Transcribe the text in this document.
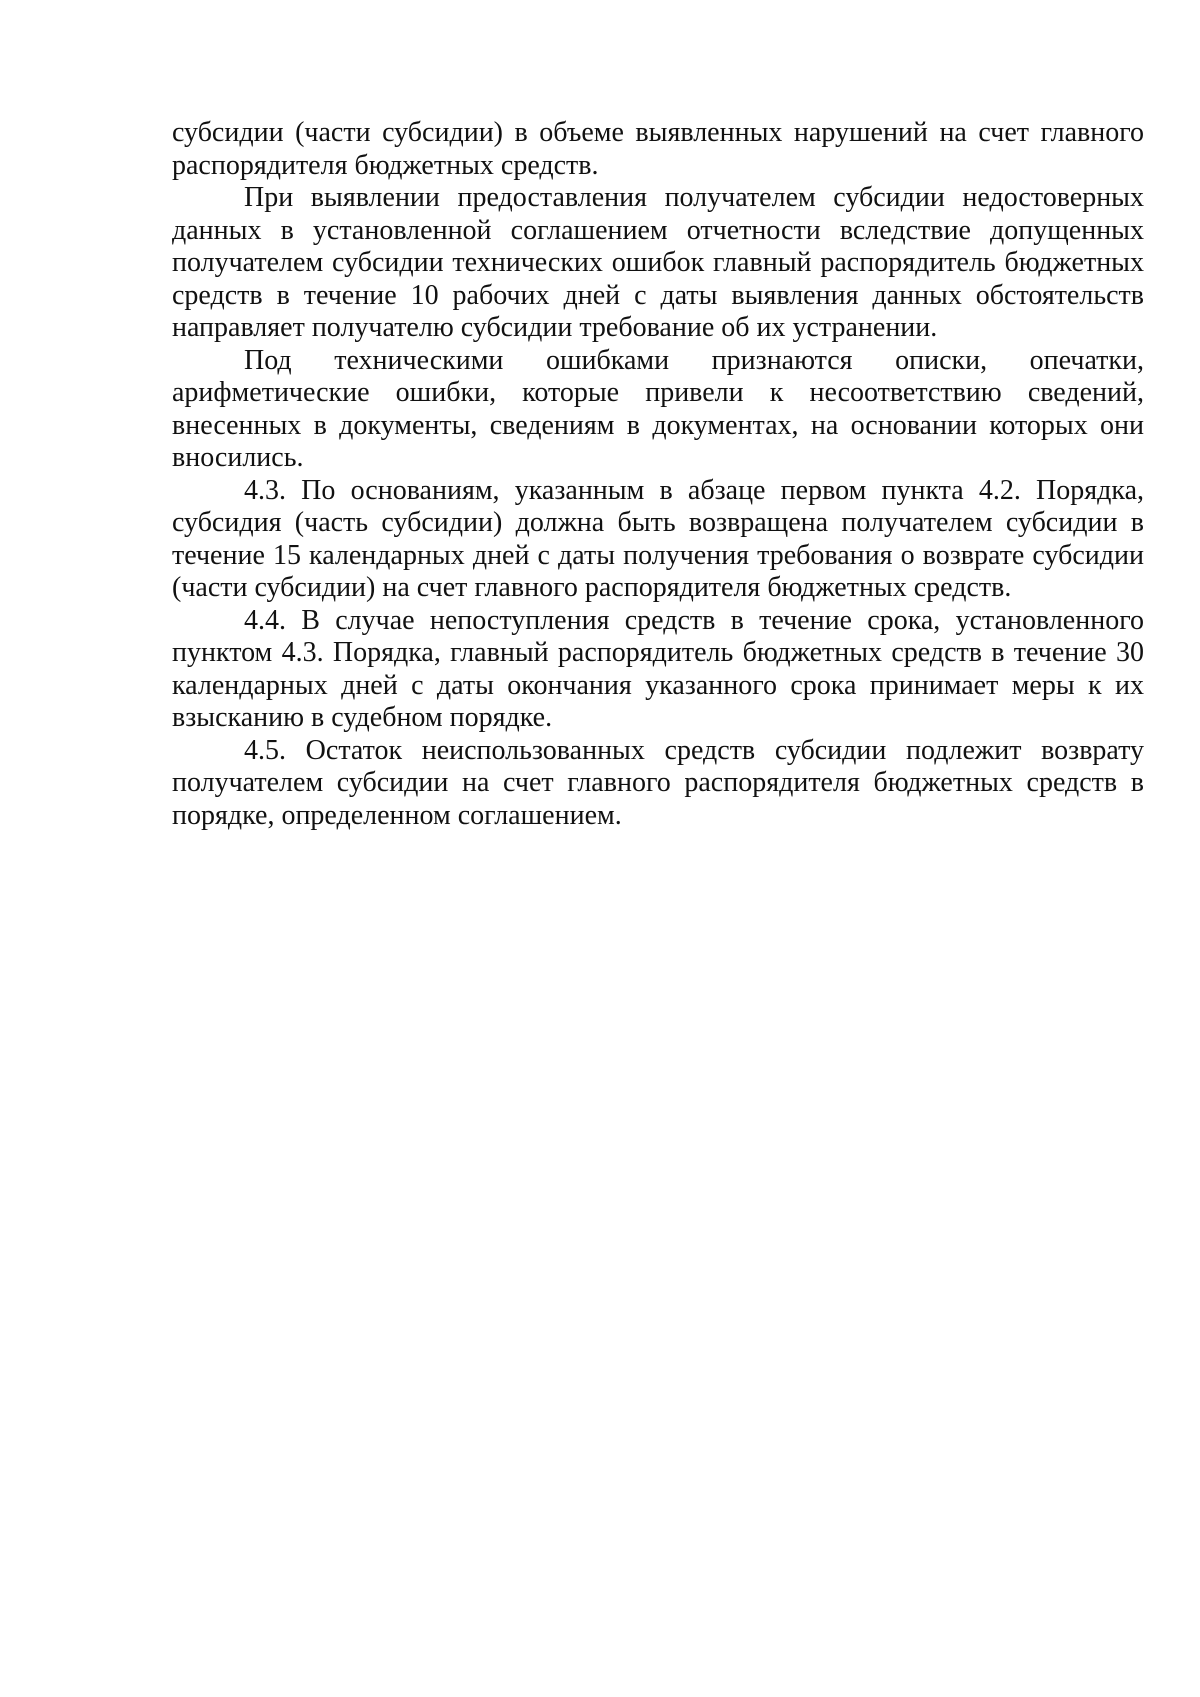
субсидии (части субсидии) в объеме выявленных нарушений на счет главного распорядителя бюджетных средств.

При выявлении предоставления получателем субсидии недостоверных данных в установленной соглашением отчетности вследствие допущенных получателем субсидии технических ошибок главный распорядитель бюджетных средств в течение 10 рабочих дней с даты выявления данных обстоятельств направляет получателю субсидии требование об их устранении.

Под техническими ошибками признаются описки, опечатки, арифметические ошибки, которые привели к несоответствию сведений, внесенных в документы, сведениям в документах, на основании которых они вносились.

4.3. По основаниям, указанным в абзаце первом пункта 4.2. Порядка, субсидия (часть субсидии) должна быть возвращена получателем субсидии в течение 15 календарных дней с даты получения требования о возврате субсидии (части субсидии) на счет главного распорядителя бюджетных средств.

4.4. В случае непоступления средств в течение срока, установленного пунктом 4.3. Порядка, главный распорядитель бюджетных средств в течение 30 календарных дней с даты окончания указанного срока принимает меры к их взысканию в судебном порядке.

4.5. Остаток неиспользованных средств субсидии подлежит возврату получателем субсидии на счет главного распорядителя бюджетных средств в порядке, определенном соглашением.
